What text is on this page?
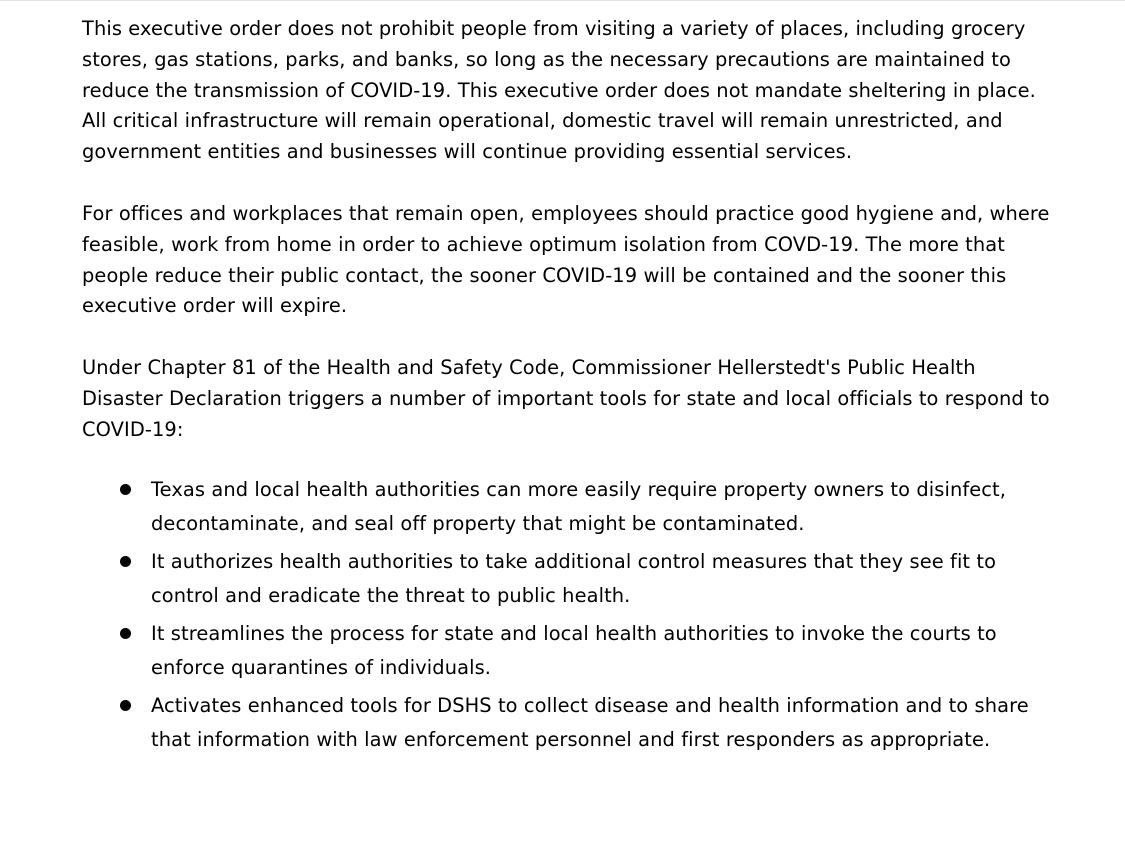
This executive order does not prohibit people from visiting a variety of places, including grocery stores, gas stations, parks, and banks, so long as the necessary precautions are maintained to reduce the transmission of COVID-19. This executive order does not mandate sheltering in place. All critical infrastructure will remain operational, domestic travel will remain unrestricted, and government entities and businesses will continue providing essential services.

For offices and workplaces that remain open, employees should practice good hygiene and, where feasible, work from home in order to achieve optimum isolation from COVD-19. The more that people reduce their public contact, the sooner COVID-19 will be contained and the sooner this executive order will expire.

Under Chapter 81 of the Health and Safety Code, Commissioner Hellerstedt's Public Health Disaster Declaration triggers a number of important tools for state and local officials to respond to COVID-19:

Texas and local health authorities can more easily require property owners to disinfect, decontaminate, and seal off property that might be contaminated.
It authorizes health authorities to take additional control measures that they see fit to control and eradicate the threat to public health.
It streamlines the process for state and local health authorities to invoke the courts to enforce quarantines of individuals.
Activates enhanced tools for DSHS to collect disease and health information and to share that information with law enforcement personnel and first responders as appropriate.
